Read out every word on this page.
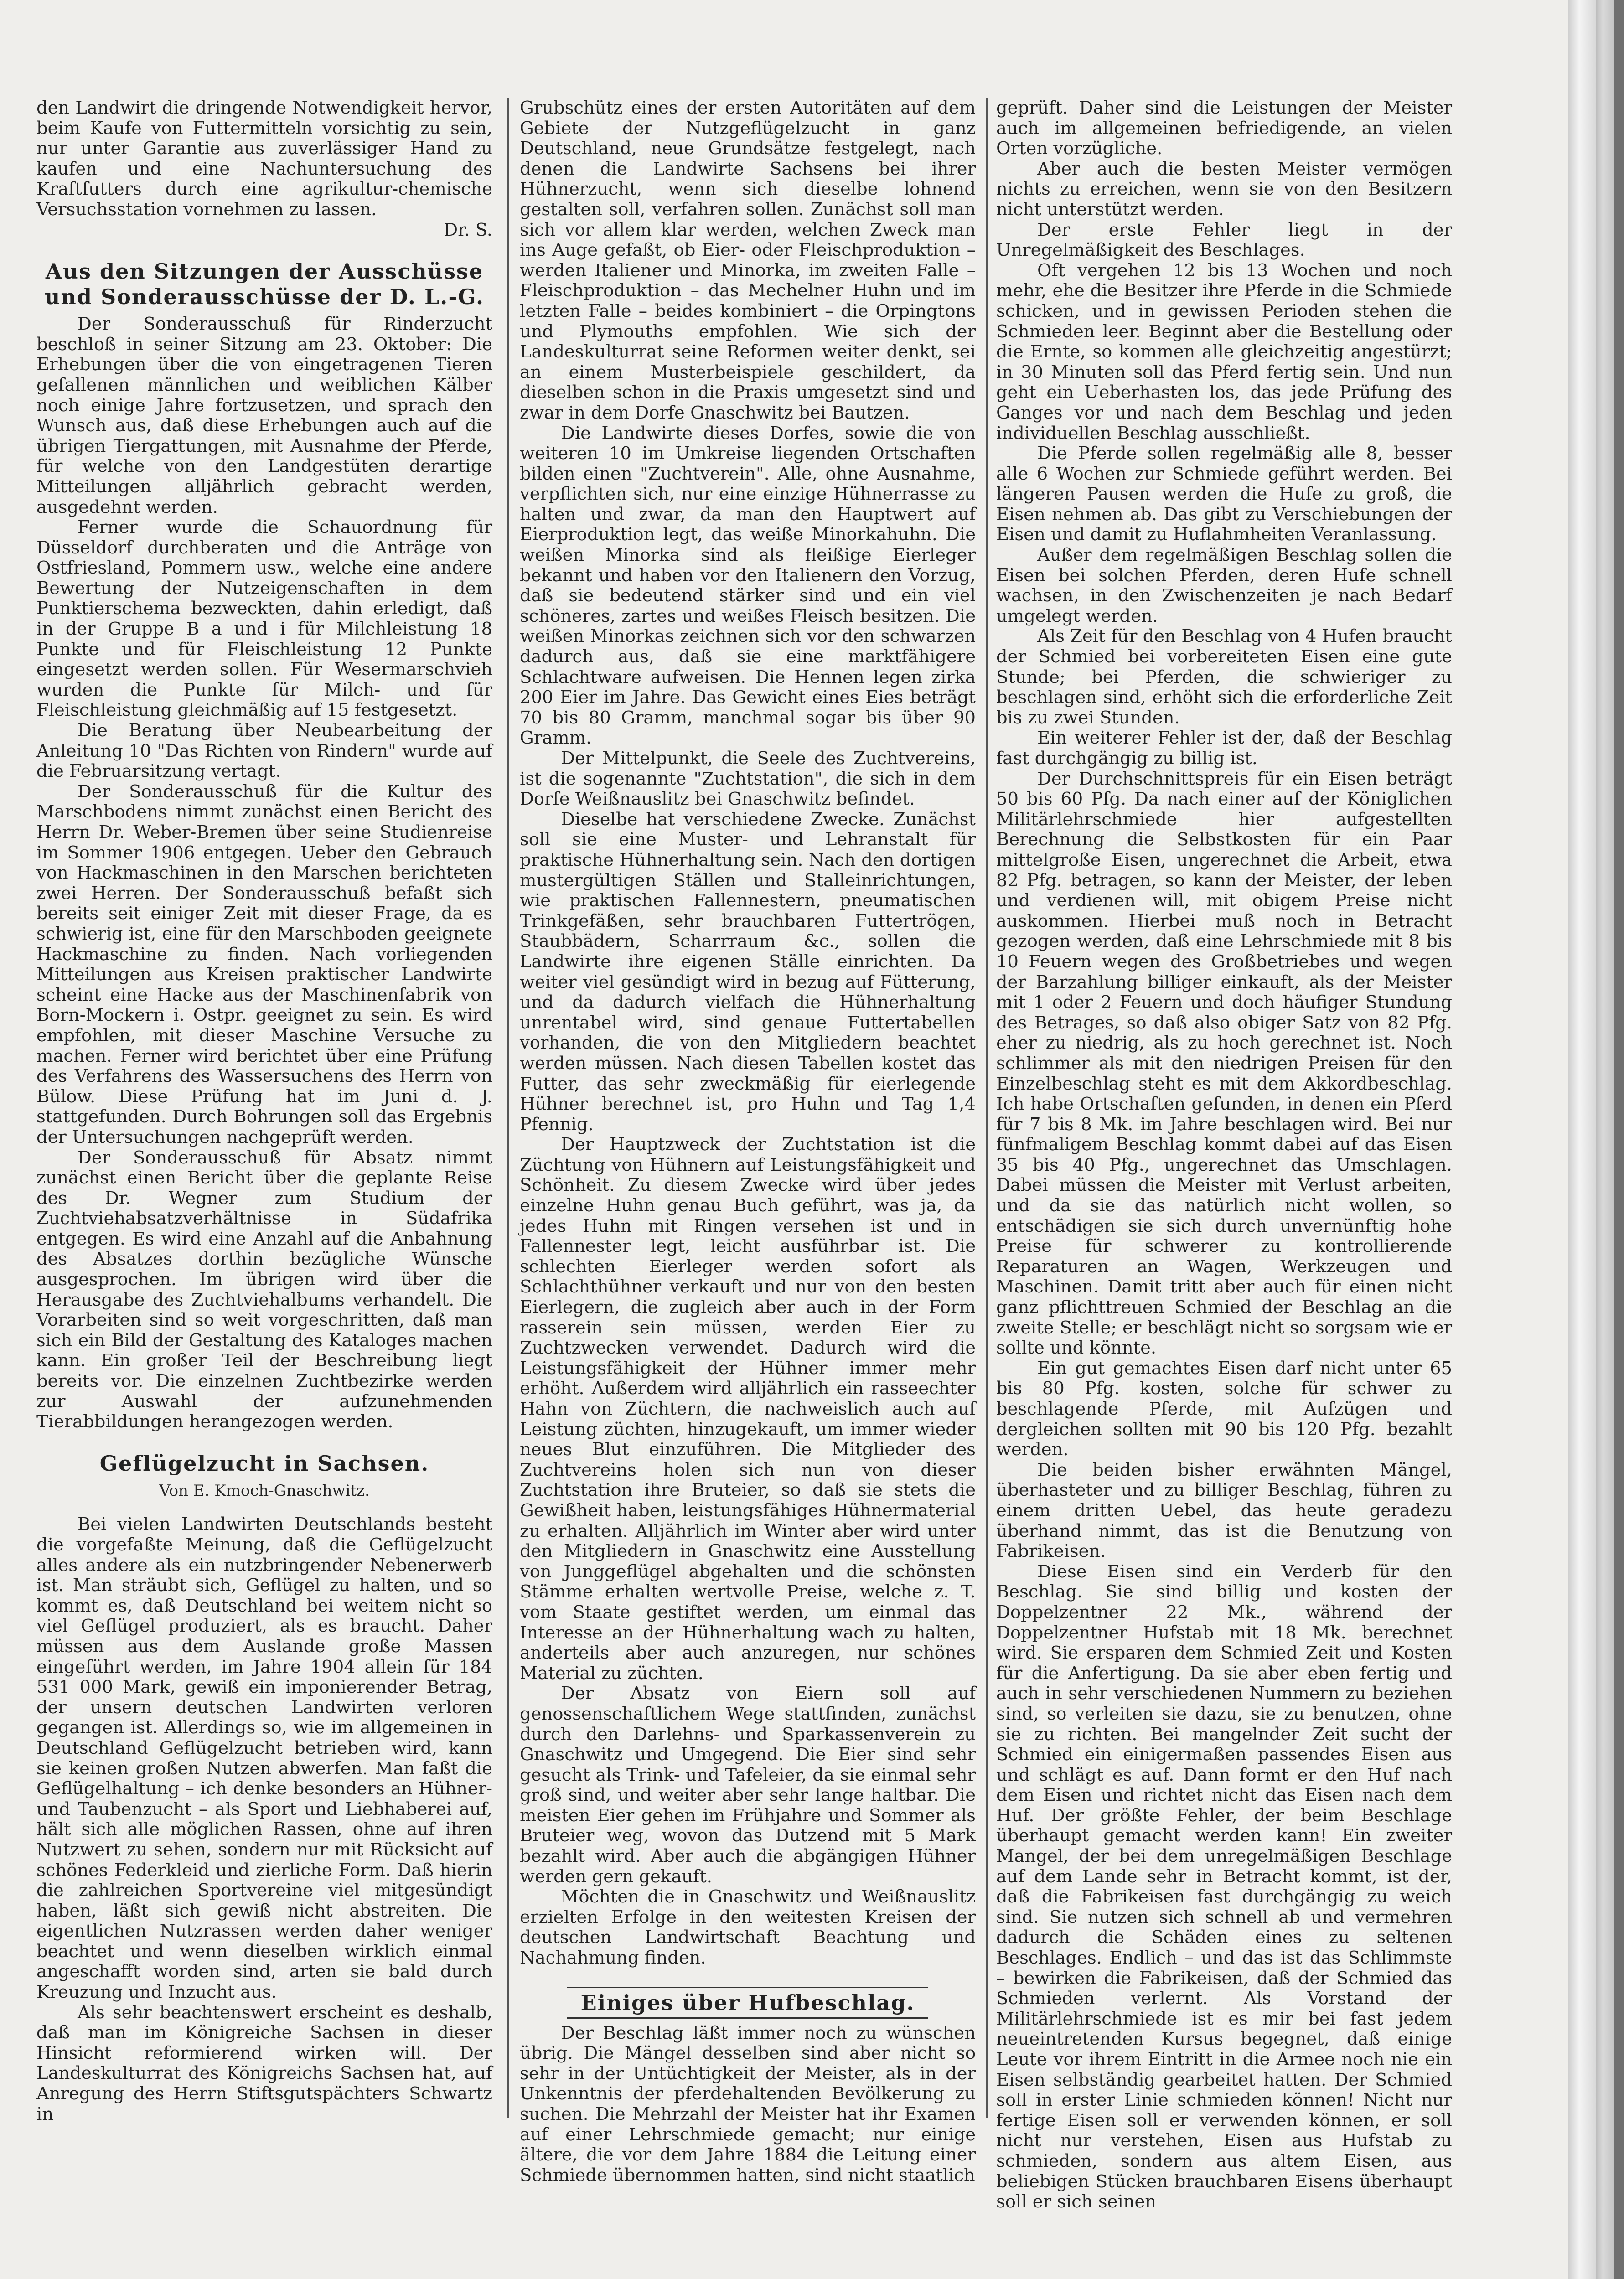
den Landwirt die dringende Notwendigkeit hervor, beim Kaufe von Futtermitteln vorsichtig zu sein, nur unter Garantie aus zuverlässiger Hand zu kaufen und eine Nachuntersuchung des Kraftfutters durch eine agrikultur-chemische Versuchsstation vornehmen zu lassen.

Dr. S.

Aus den Sitzungen der Ausschüsse und Sonderausschüsse der D. L.-G.

Der Sonderausschuß für Rinderzucht beschloß in seiner Sitzung am 23. Oktober: Die Erhebungen über die von eingetragenen Tieren gefallenen männlichen und weiblichen Kälber noch einige Jahre fortzusetzen, und sprach den Wunsch aus, daß diese Erhebungen auch auf die übrigen Tiergattungen, mit Ausnahme der Pferde, für welche von den Landgestüten derartige Mitteilungen alljährlich gebracht werden, ausgedehnt werden.

Ferner wurde die Schauordnung für Düsseldorf durchberaten und die Anträge von Ostfriesland, Pommern usw., welche eine andere Bewertung der Nutzeigenschaften in dem Punktierschema bezweckten, dahin erledigt, daß in der Gruppe B a und i für Milchleistung 18 Punkte und für Fleischleistung 12 Punkte eingesetzt werden sollen. Für Wesermarschvieh wurden die Punkte für Milch- und für Fleischleistung gleichmäßig auf 15 festgesetzt.

Die Beratung über Neubearbeitung der Anleitung 10 "Das Richten von Rindern" wurde auf die Februarsitzung vertagt.

Der Sonderausschuß für die Kultur des Marschbodens nimmt zunächst einen Bericht des Herrn Dr. Weber-Bremen über seine Studienreise im Sommer 1906 entgegen. Ueber den Gebrauch von Hackmaschinen in den Marschen berichteten zwei Herren. Der Sonderausschuß befaßt sich bereits seit einiger Zeit mit dieser Frage, da es schwierig ist, eine für den Marschboden geeignete Hackmaschine zu finden. Nach vorliegenden Mitteilungen aus Kreisen praktischer Landwirte scheint eine Hacke aus der Maschinenfabrik von Born-Mockern i. Ostpr. geeignet zu sein. Es wird empfohlen, mit dieser Maschine Versuche zu machen. Ferner wird berichtet über eine Prüfung des Verfahrens des Wassersuchens des Herrn von Bülow. Diese Prüfung hat im Juni d. J. stattgefunden. Durch Bohrungen soll das Ergebnis der Untersuchungen nachgeprüft werden.

Der Sonderausschuß für Absatz nimmt zunächst einen Bericht über die geplante Reise des Dr. Wegner zum Studium der Zuchtviehabsatzverhältnisse in Südafrika entgegen. Es wird eine Anzahl auf die Anbahnung des Absatzes dorthin bezügliche Wünsche ausgesprochen. Im übrigen wird über die Herausgabe des Zuchtviehalbums verhandelt. Die Vorarbeiten sind so weit vorgeschritten, daß man sich ein Bild der Gestaltung des Kataloges machen kann. Ein großer Teil der Beschreibung liegt bereits vor. Die einzelnen Zuchtbezirke werden zur Auswahl der aufzunehmenden Tierabbildungen herangezogen werden.

Geflügelzucht in Sachsen.
Von E. Kmoch-Gnaschwitz.

Bei vielen Landwirten Deutschlands besteht die vorgefaßte Meinung, daß die Geflügelzucht alles andere als ein nutzbringender Nebenerwerb ist. Man sträubt sich, Geflügel zu halten, und so kommt es, daß Deutschland bei weitem nicht so viel Geflügel produziert, als es braucht. Daher müssen aus dem Auslande große Massen eingeführt werden, im Jahre 1904 allein für 184 531 000 Mark, gewiß ein imponierender Betrag, der unsern deutschen Landwirten verloren gegangen ist. Allerdings so, wie im allgemeinen in Deutschland Geflügelzucht betrieben wird, kann sie keinen großen Nutzen abwerfen. Man faßt die Geflügelhaltung – ich denke besonders an Hühner- und Taubenzucht – als Sport und Liebhaberei auf, hält sich alle möglichen Rassen, ohne auf ihren Nutzwert zu sehen, sondern nur mit Rücksicht auf schönes Federkleid und zierliche Form. Daß hierin die zahlreichen Sportvereine viel mitgesündigt haben, läßt sich gewiß nicht abstreiten. Die eigentlichen Nutzrassen werden daher weniger beachtet und wenn dieselben wirklich einmal angeschafft worden sind, arten sie bald durch Kreuzung und Inzucht aus.

Als sehr beachtenswert erscheint es deshalb, daß man im Königreiche Sachsen in dieser Hinsicht reformierend wirken will. Der Landeskulturrat des Königreichs Sachsen hat, auf Anregung des Herrn Stiftsgutspächters Schwartz in

Grubschütz eines der ersten Autoritäten auf dem Gebiete der Nutzgeflügelzucht in ganz Deutschland, neue Grundsätze festgelegt, nach denen die Landwirte Sachsens bei ihrer Hühnerzucht, wenn sich dieselbe lohnend gestalten soll, verfahren sollen. Zunächst soll man sich vor allem klar werden, welchen Zweck man ins Auge gefaßt, ob Eier- oder Fleischproduktion – werden Italiener und Minorka, im zweiten Falle – Fleischproduktion – das Mechelner Huhn und im letzten Falle – beides kombiniert – die Orpingtons und Plymouths empfohlen. Wie sich der Landeskulturrat seine Reformen weiter denkt, sei an einem Musterbeispiele geschildert, da dieselben schon in die Praxis umgesetzt sind und zwar in dem Dorfe Gnaschwitz bei Bautzen.

Die Landwirte dieses Dorfes, sowie die von weiteren 10 im Umkreise liegenden Ortschaften bilden einen "Zuchtverein". Alle, ohne Ausnahme, verpflichten sich, nur eine einzige Hühnerrasse zu halten und zwar, da man den Hauptwert auf Eierproduktion legt, das weiße Minorkahuhn. Die weißen Minorka sind als fleißige Eierleger bekannt und haben vor den Italienern den Vorzug, daß sie bedeutend stärker sind und ein viel schöneres, zartes und weißes Fleisch besitzen. Die weißen Minorkas zeichnen sich vor den schwarzen dadurch aus, daß sie eine marktfähigere Schlachtware aufweisen. Die Hennen legen zirka 200 Eier im Jahre. Das Gewicht eines Eies beträgt 70 bis 80 Gramm, manchmal sogar bis über 90 Gramm.

Der Mittelpunkt, die Seele des Zuchtvereins, ist die sogenannte "Zuchtstation", die sich in dem Dorfe Weißnauslitz bei Gnaschwitz befindet.

Dieselbe hat verschiedene Zwecke. Zunächst soll sie eine Muster- und Lehranstalt für praktische Hühnerhaltung sein. Nach den dortigen mustergültigen Ställen und Stalleinrichtungen, wie praktischen Fallennestern, pneumatischen Trinkgefäßen, sehr brauchbaren Futtertrögen, Staubbädern, Scharrraum &c., sollen die Landwirte ihre eigenen Ställe einrichten. Da weiter viel gesündigt wird in bezug auf Fütterung, und da dadurch vielfach die Hühnerhaltung unrentabel wird, sind genaue Futtertabellen vorhanden, die von den Mitgliedern beachtet werden müssen. Nach diesen Tabellen kostet das Futter, das sehr zweckmäßig für eierlegende Hühner berechnet ist, pro Huhn und Tag 1,4 Pfennig.

Der Hauptzweck der Zuchtstation ist die Züchtung von Hühnern auf Leistungsfähigkeit und Schönheit. Zu diesem Zwecke wird über jedes einzelne Huhn genau Buch geführt, was ja, da jedes Huhn mit Ringen versehen ist und in Fallennester legt, leicht ausführbar ist. Die schlechten Eierleger werden sofort als Schlachthühner verkauft und nur von den besten Eierlegern, die zugleich aber auch in der Form rasserein sein müssen, werden Eier zu Zuchtzwecken verwendet. Dadurch wird die Leistungsfähigkeit der Hühner immer mehr erhöht. Außerdem wird alljährlich ein rasseechter Hahn von Züchtern, die nachweislich auch auf Leistung züchten, hinzugekauft, um immer wieder neues Blut einzuführen. Die Mitglieder des Zuchtvereins holen sich nun von dieser Zuchtstation ihre Bruteier, so daß sie stets die Gewißheit haben, leistungsfähiges Hühnermaterial zu erhalten. Alljährlich im Winter aber wird unter den Mitgliedern in Gnaschwitz eine Ausstellung von Junggeflügel abgehalten und die schönsten Stämme erhalten wertvolle Preise, welche z. T. vom Staate gestiftet werden, um einmal das Interesse an der Hühnerhaltung wach zu halten, anderteils aber auch anzuregen, nur schönes Material zu züchten.

Der Absatz von Eiern soll auf genossenschaftlichem Wege stattfinden, zunächst durch den Darlehns- und Sparkassenverein zu Gnaschwitz und Umgegend. Die Eier sind sehr gesucht als Trink- und Tafeleier, da sie einmal sehr groß sind, und weiter aber sehr lange haltbar. Die meisten Eier gehen im Frühjahre und Sommer als Bruteier weg, wovon das Dutzend mit 5 Mark bezahlt wird. Aber auch die abgängigen Hühner werden gern gekauft.

Möchten die in Gnaschwitz und Weißnauslitz erzielten Erfolge in den weitesten Kreisen der deutschen Landwirtschaft Beachtung und Nachahmung finden.

Einiges über Hufbeschlag.

Der Beschlag läßt immer noch zu wünschen übrig. Die Mängel desselben sind aber nicht so sehr in der Untüchtigkeit der Meister, als in der Unkenntnis der pferdehaltenden Bevölkerung zu suchen. Die Mehrzahl der Meister hat ihr Examen auf einer Lehrschmiede gemacht; nur einige ältere, die vor dem Jahre 1884 die Leitung einer Schmiede übernommen hatten, sind nicht staatlich

geprüft. Daher sind die Leistungen der Meister auch im allgemeinen befriedigende, an vielen Orten vorzügliche.

Aber auch die besten Meister vermögen nichts zu erreichen, wenn sie von den Besitzern nicht unterstützt werden.

Der erste Fehler liegt in der Unregelmäßigkeit des Beschlages.

Oft vergehen 12 bis 13 Wochen und noch mehr, ehe die Besitzer ihre Pferde in die Schmiede schicken, und in gewissen Perioden stehen die Schmieden leer. Beginnt aber die Bestellung oder die Ernte, so kommen alle gleichzeitig angestürzt; in 30 Minuten soll das Pferd fertig sein. Und nun geht ein Ueberhasten los, das jede Prüfung des Ganges vor und nach dem Beschlag und jeden individuellen Beschlag ausschließt.

Die Pferde sollen regelmäßig alle 8, besser alle 6 Wochen zur Schmiede geführt werden. Bei längeren Pausen werden die Hufe zu groß, die Eisen nehmen ab. Das gibt zu Verschiebungen der Eisen und damit zu Huflahmheiten Veranlassung.

Außer dem regelmäßigen Beschlag sollen die Eisen bei solchen Pferden, deren Hufe schnell wachsen, in den Zwischenzeiten je nach Bedarf umgelegt werden.

Als Zeit für den Beschlag von 4 Hufen braucht der Schmied bei vorbereiteten Eisen eine gute Stunde; bei Pferden, die schwieriger zu beschlagen sind, erhöht sich die erforderliche Zeit bis zu zwei Stunden.

Ein weiterer Fehler ist der, daß der Beschlag fast durchgängig zu billig ist.

Der Durchschnittspreis für ein Eisen beträgt 50 bis 60 Pfg. Da nach einer auf der Königlichen Militärlehrschmiede hier aufgestellten Berechnung die Selbstkosten für ein Paar mittelgroße Eisen, ungerechnet die Arbeit, etwa 82 Pfg. betragen, so kann der Meister, der leben und verdienen will, mit obigem Preise nicht auskommen. Hierbei muß noch in Betracht gezogen werden, daß eine Lehrschmiede mit 8 bis 10 Feuern wegen des Großbetriebes und wegen der Barzahlung billiger einkauft, als der Meister mit 1 oder 2 Feuern und doch häufiger Stundung des Betrages, so daß also obiger Satz von 82 Pfg. eher zu niedrig, als zu hoch gerechnet ist. Noch schlimmer als mit den niedrigen Preisen für den Einzelbeschlag steht es mit dem Akkordbeschlag. Ich habe Ortschaften gefunden, in denen ein Pferd für 7 bis 8 Mk. im Jahre beschlagen wird. Bei nur fünfmaligem Beschlag kommt dabei auf das Eisen 35 bis 40 Pfg., ungerechnet das Umschlagen. Dabei müssen die Meister mit Verlust arbeiten, und da sie das natürlich nicht wollen, so entschädigen sie sich durch unvernünftig hohe Preise für schwerer zu kontrollierende Reparaturen an Wagen, Werkzeugen und Maschinen. Damit tritt aber auch für einen nicht ganz pflichttreuen Schmied der Beschlag an die zweite Stelle; er beschlägt nicht so sorgsam wie er sollte und könnte.

Ein gut gemachtes Eisen darf nicht unter 65 bis 80 Pfg. kosten, solche für schwer zu beschlagende Pferde, mit Aufzügen und dergleichen sollten mit 90 bis 120 Pfg. bezahlt werden.

Die beiden bisher erwähnten Mängel, überhasteter und zu billiger Beschlag, führen zu einem dritten Uebel, das heute geradezu überhand nimmt, das ist die Benutzung von Fabrikeisen.

Diese Eisen sind ein Verderb für den Beschlag. Sie sind billig und kosten der Doppelzentner 22 Mk., während der Doppelzentner Hufstab mit 18 Mk. berechnet wird. Sie ersparen dem Schmied Zeit und Kosten für die Anfertigung. Da sie aber eben fertig und auch in sehr verschiedenen Nummern zu beziehen sind, so verleiten sie dazu, sie zu benutzen, ohne sie zu richten. Bei mangelnder Zeit sucht der Schmied ein einigermaßen passendes Eisen aus und schlägt es auf. Dann formt er den Huf nach dem Eisen und richtet nicht das Eisen nach dem Huf. Der größte Fehler, der beim Beschlage überhaupt gemacht werden kann! Ein zweiter Mangel, der bei dem unregelmäßigen Beschlage auf dem Lande sehr in Betracht kommt, ist der, daß die Fabrikeisen fast durchgängig zu weich sind. Sie nutzen sich schnell ab und vermehren dadurch die Schäden eines zu seltenen Beschlages. Endlich – und das ist das Schlimmste – bewirken die Fabrikeisen, daß der Schmied das Schmieden verlernt. Als Vorstand der Militärlehrschmiede ist es mir bei fast jedem neueintretenden Kursus begegnet, daß einige Leute vor ihrem Eintritt in die Armee noch nie ein Eisen selbständig gearbeitet hatten. Der Schmied soll in erster Linie schmieden können! Nicht nur fertige Eisen soll er verwenden können, er soll nicht nur verstehen, Eisen aus Hufstab zu schmieden, sondern aus altem Eisen, aus beliebigen Stücken brauchbaren Eisens überhaupt soll er sich seinen
